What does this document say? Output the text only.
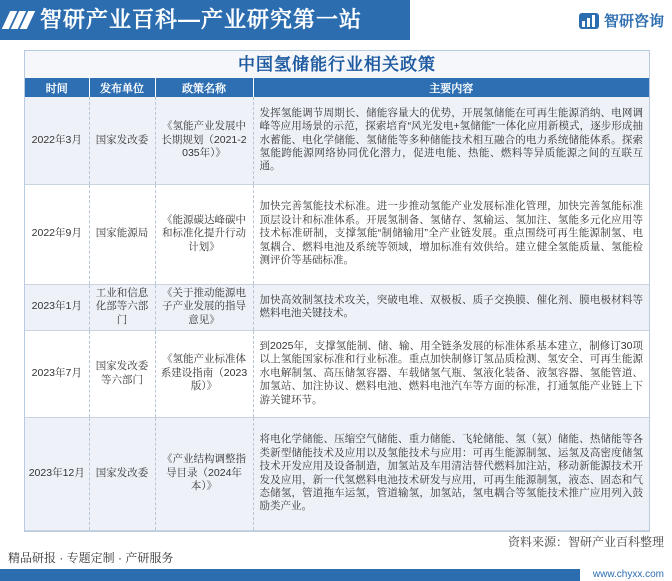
智研产业百科—产业研究第一站	智研咨询
中国氢储能行业相关政策
时间	发布单位	政策名称	主要内容
2022年3月	国家发改委	《氢能产业发展中长期规划（2021-2035年）》	发挥氢能调节周期长、储能容量大的优势，开展氢储能在可再生能源消纳、电网调峰等应用场景的示范，探索培育“风光发电+氢储能”一体化应用新模式，逐步形成抽水蓄能、电化学储能、氢储能等多种储能技术相互融合的电力系统储能体系。探索氢能跨能源网络协同优化潜力，促进电能、热能、燃料等异质能源之间的互联互通。
2022年9月	国家能源局	《能源碳达峰碳中和标准化提升行动计划》	加快完善氢能技术标准。进一步推动氢能产业发展标准化管理，加快完善氢能标准顶层设计和标准体系。开展氢制备、氢储存、氢输运、氢加注、氢能多元化应用等技术标准研制，支撑氢能“制储输用”全产业链发展。重点围绕可再生能源制氢、电氢耦合、燃料电池及系统等领域，增加标准有效供给。建立健全氢能质量、氢能检测评价等基础标准。
2023年1月	工业和信息化部等六部门	《关于推动能源电子产业发展的指导意见》	加快高效制氢技术攻关，突破电堆、双极板、质子交换膜、催化剂、膜电极材料等燃料电池关键技术。
2023年7月	国家发改委等六部门	《氢能产业标准体系建设指南（2023版）》	到2025年，支撑氢能制、储、输、用全链条发展的标准体系基本建立，制修订30项以上氢能国家标准和行业标准。重点加快制修订氢品质检测、氢安全、可再生能源水电解制氢、高压储氢容器、车载储氢气瓶、氢液化装备、液氢容器、氢能管道、加氢站、加注协议、燃料电池、燃料电池汽车等方面的标准，打通氢能产业链上下游关键环节。
2023年12月	国家发改委	《产业结构调整指导目录（2024年本）》	将电化学储能、压缩空气储能、重力储能、飞轮储能、氢（氨）储能、热储能等各类新型储能技术及应用以及氢能技术与应用：可再生能源制氢、运氢及高密度储氢技术开发应用及设备制造，加氢站及车用清洁替代燃料加注站，移动新能源技术开发及应用，新一代氢燃料电池技术研发与应用，可再生能源制氢，液态、固态和气态储氢，管道拖车运氢，管道输氢，加氢站，氢电耦合等氢能技术推广应用列入鼓励类产业。
资料来源：智研产业百科整理
精品研报 · 专题定制 · 产研服务
www.chyxx.com
